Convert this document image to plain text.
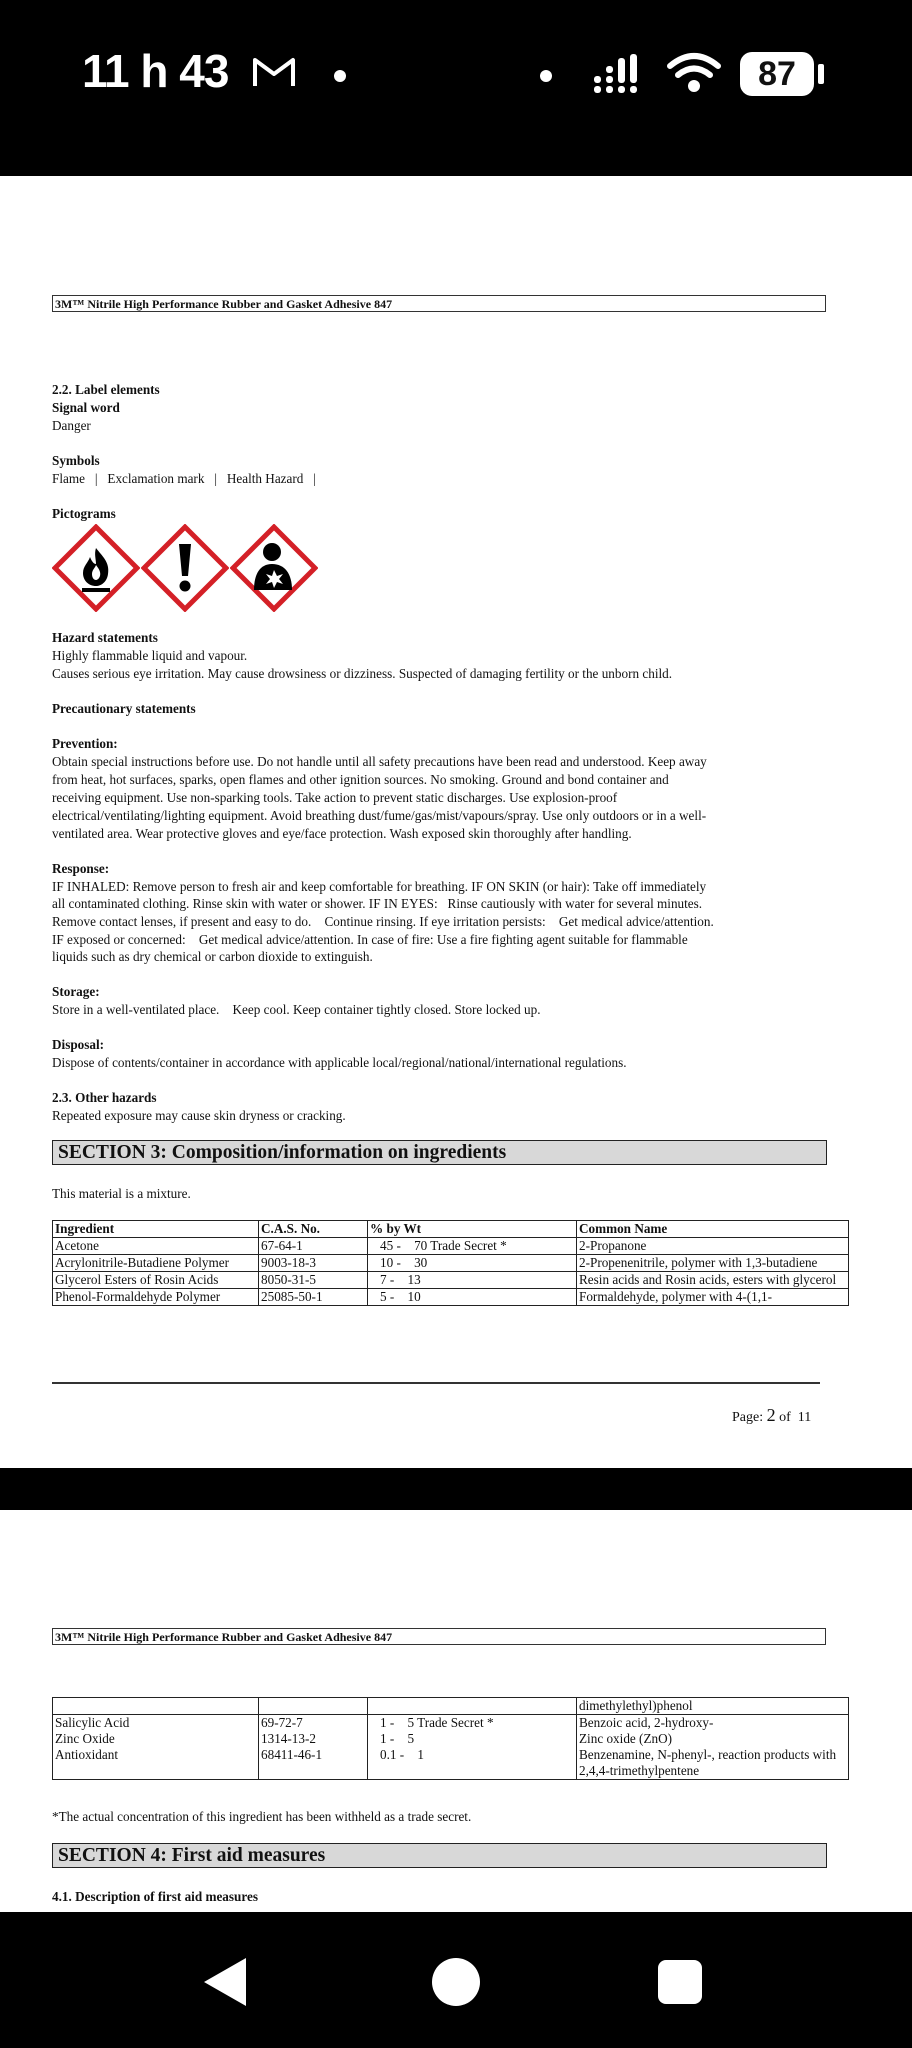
11 h 43	87
3M™ Nitrile High Performance Rubber and Gasket Adhesive 847
2.2. Label elements
Signal word
Danger
Symbols
Flame   |   Exclamation mark   |   Health Hazard   |
Pictograms
Hazard statements
Highly flammable liquid and vapour.
Causes serious eye irritation. May cause drowsiness or dizziness. Suspected of damaging fertility or the unborn child.
Precautionary statements
Prevention:
Obtain special instructions before use. Do not handle until all safety precautions have been read and understood. Keep away
from heat, hot surfaces, sparks, open flames and other ignition sources. No smoking. Ground and bond container and
receiving equipment. Use non-sparking tools. Take action to prevent static discharges. Use explosion-proof
electrical/ventilating/lighting equipment. Avoid breathing dust/fume/gas/mist/vapours/spray. Use only outdoors or in a well-
ventilated area. Wear protective gloves and eye/face protection. Wash exposed skin thoroughly after handling.
Response:
IF INHALED: Remove person to fresh air and keep comfortable for breathing. IF ON SKIN (or hair): Take off immediately
all contaminated clothing. Rinse skin with water or shower. IF IN EYES:   Rinse cautiously with water for several minutes.
Remove contact lenses, if present and easy to do.    Continue rinsing. If eye irritation persists:    Get medical advice/attention.
IF exposed or concerned:    Get medical advice/attention. In case of fire: Use a fire fighting agent suitable for flammable
liquids such as dry chemical or carbon dioxide to extinguish.
Storage:
Store in a well-ventilated place.    Keep cool. Keep container tightly closed. Store locked up.
Disposal:
Dispose of contents/container in accordance with applicable local/regional/national/international regulations.
2.3. Other hazards
Repeated exposure may cause skin dryness or cracking.
SECTION 3: Composition/information on ingredients
This material is a mixture.
Ingredient	C.A.S. No.	% by Wt	Common Name
Acetone	67-64-1	45 -    70 Trade Secret *	2-Propanone
Acrylonitrile-Butadiene Polymer	9003-18-3	10 -    30	2-Propenenitrile, polymer with 1,3-butadiene
Glycerol Esters of Rosin Acids	8050-31-5	7 -    13	Resin acids and Rosin acids, esters with glycerol
Phenol-Formaldehyde Polymer	25085-50-1	5 -    10	Formaldehyde, polymer with 4-(1,1-
Page: 2 of 11
3M™ Nitrile High Performance Rubber and Gasket Adhesive 847
			dimethylethyl)phenol
Salicylic Acid	69-72-7	1 -    5 Trade Secret *	Benzoic acid, 2-hydroxy-
Zinc Oxide	1314-13-2	1 -    5	Zinc oxide (ZnO)
Antioxidant	68411-46-1	0.1 -    1	Benzenamine, N-phenyl-, reaction products with 2,4,4-trimethylpentene
*The actual concentration of this ingredient has been withheld as a trade secret.
SECTION 4: First aid measures
4.1. Description of first aid measures
